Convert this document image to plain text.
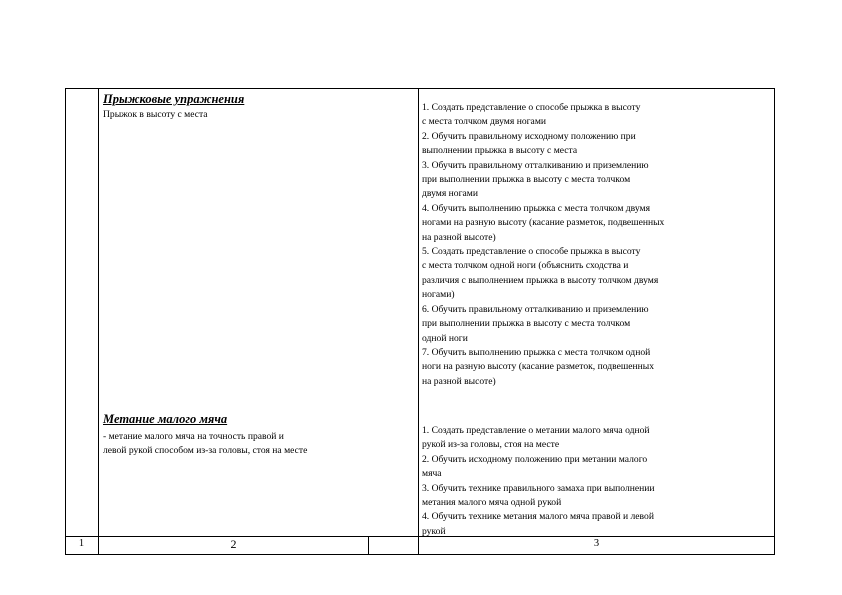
Прыжковые упражнения
Прыжок в высоту с места
Метание малого мяча
- метание малого мяча на точность правой и
левой рукой способом из-за головы, стоя на месте
1. Создать представление о способе прыжка в высоту
с места толчком двумя ногами
2. Обучить правильному исходному положению при
выполнении прыжка в высоту с места
3. Обучить правильному отталкиванию и приземлению
при выполнении прыжка в высоту с места толчком
двумя ногами
4. Обучить выполнению прыжка с места толчком двумя
ногами на разную высоту (касание разметок, подвешенных
на разной высоте)
5. Создать представление о способе прыжка в высоту
с места толчком одной ноги (объяснить сходства и
различия с выполнением прыжка в высоту толчком двумя
ногами)
6. Обучить правильному отталкиванию и приземлению
при выполнении прыжка в высоту с места толчком
одной ноги
7. Обучить выполнению прыжка с места толчком одной
ноги на разную высоту (касание разметок, подвешенных
на разной высоте)
1. Создать представление о метании малого мяча одной
рукой из-за головы, стоя на месте
2. Обучить исходному положению при метании малого
мяча
3. Обучить технике правильного замаха при выполнении
метания малого мяча одной рукой
4. Обучить технике метания малого мяча правой и левой
рукой
1	2	3
